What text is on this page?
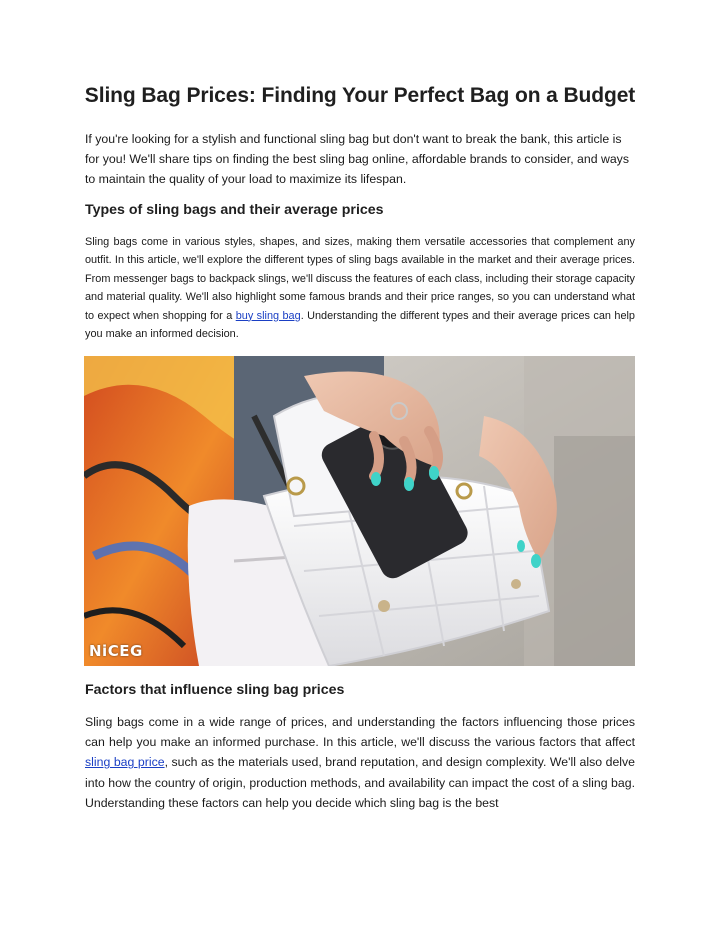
Sling Bag Prices: Finding Your Perfect Bag on a Budget
If you're looking for a stylish and functional sling bag but don't want to break the bank, this article is for you! We'll share tips on finding the best sling bag online, affordable brands to consider, and ways to maintain the quality of your load to maximize its lifespan.
Types of sling bags and their average prices
Sling bags come in various styles, shapes, and sizes, making them versatile accessories that complement any outfit. In this article, we'll explore the different types of sling bags available in the market and their average prices. From messenger bags to backpack slings, we'll discuss the features of each class, including their storage capacity and material quality. We'll also highlight some famous brands and their price ranges, so you can understand what to expect when shopping for a buy sling bag. Understanding the different types and their average prices can help you make an informed decision.
NiCEG
Factors that influence sling bag prices
Sling bags come in a wide range of prices, and understanding the factors influencing those prices can help you make an informed purchase. In this article, we'll discuss the various factors that affect sling bag price, such as the materials used, brand reputation, and design complexity. We'll also delve into how the country of origin, production methods, and availability can impact the cost of a sling bag. Understanding these factors can help you decide which sling bag is the best
